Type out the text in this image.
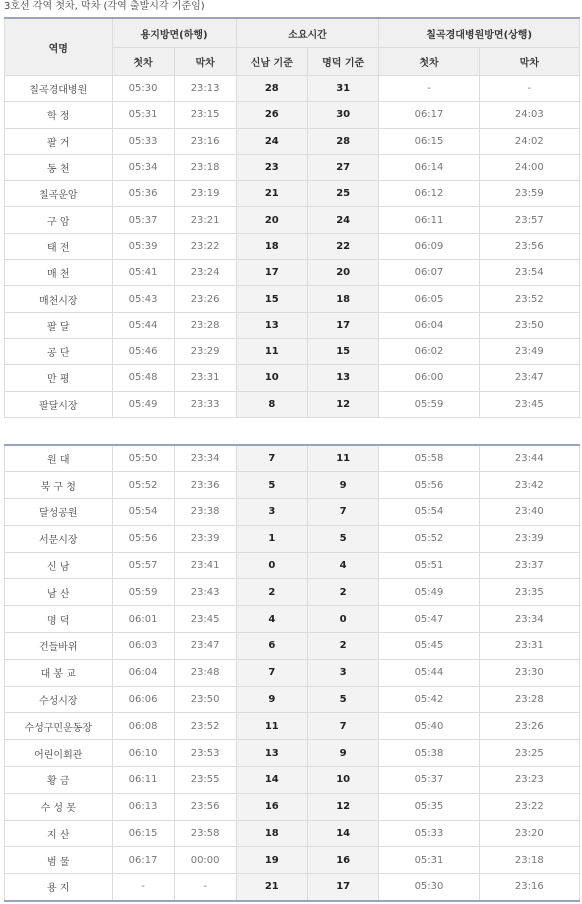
3호선 각역 첫차, 막차 (각역 출발시각 기준임)
역명	용지방면(하행)		소요시간		칠곡경대병원방면(상행)	
	첫차	막차	신남 기준	명덕 기준	첫차	막차
칠곡경대병원	05:30	23:13	28	31	-	-
학 정	05:31	23:15	26	30	06:17	24:03
팔 거	05:33	23:16	24	28	06:15	24:02
동 천	05:34	23:18	23	27	06:14	24:00
칠곡운암	05:36	23:19	21	25	06:12	23:59
구 암	05:37	23:21	20	24	06:11	23:57
태 전	05:39	23:22	18	22	06:09	23:56
매 천	05:41	23:24	17	20	06:07	23:54
매천시장	05:43	23:26	15	18	06:05	23:52
팔 달	05:44	23:28	13	17	06:04	23:50
공 단	05:46	23:29	11	15	06:02	23:49
만 평	05:48	23:31	10	13	06:00	23:47
팔달시장	05:49	23:33	8	12	05:59	23:45
원 대	05:50	23:34	7	11	05:58	23:44
북 구 청	05:52	23:36	5	9	05:56	23:42
달성공원	05:54	23:38	3	7	05:54	23:40
서문시장	05:56	23:39	1	5	05:52	23:39
신 남	05:57	23:41	0	4	05:51	23:37
남 산	05:59	23:43	2	2	05:49	23:35
명 덕	06:01	23:45	4	0	05:47	23:34
건들바위	06:03	23:47	6	2	05:45	23:31
대 봉 교	06:04	23:48	7	3	05:44	23:30
수성시장	06:06	23:50	9	5	05:42	23:28
수성구민운동장	06:08	23:52	11	7	05:40	23:26
어린이회관	06:10	23:53	13	9	05:38	23:25
황 금	06:11	23:55	14	10	05:37	23:23
수 성 못	06:13	23:56	16	12	05:35	23:22
지 산	06:15	23:58	18	14	05:33	23:20
범 물	06:17	00:00	19	16	05:31	23:18
용 지	-	-	21	17	05:30	23:16
